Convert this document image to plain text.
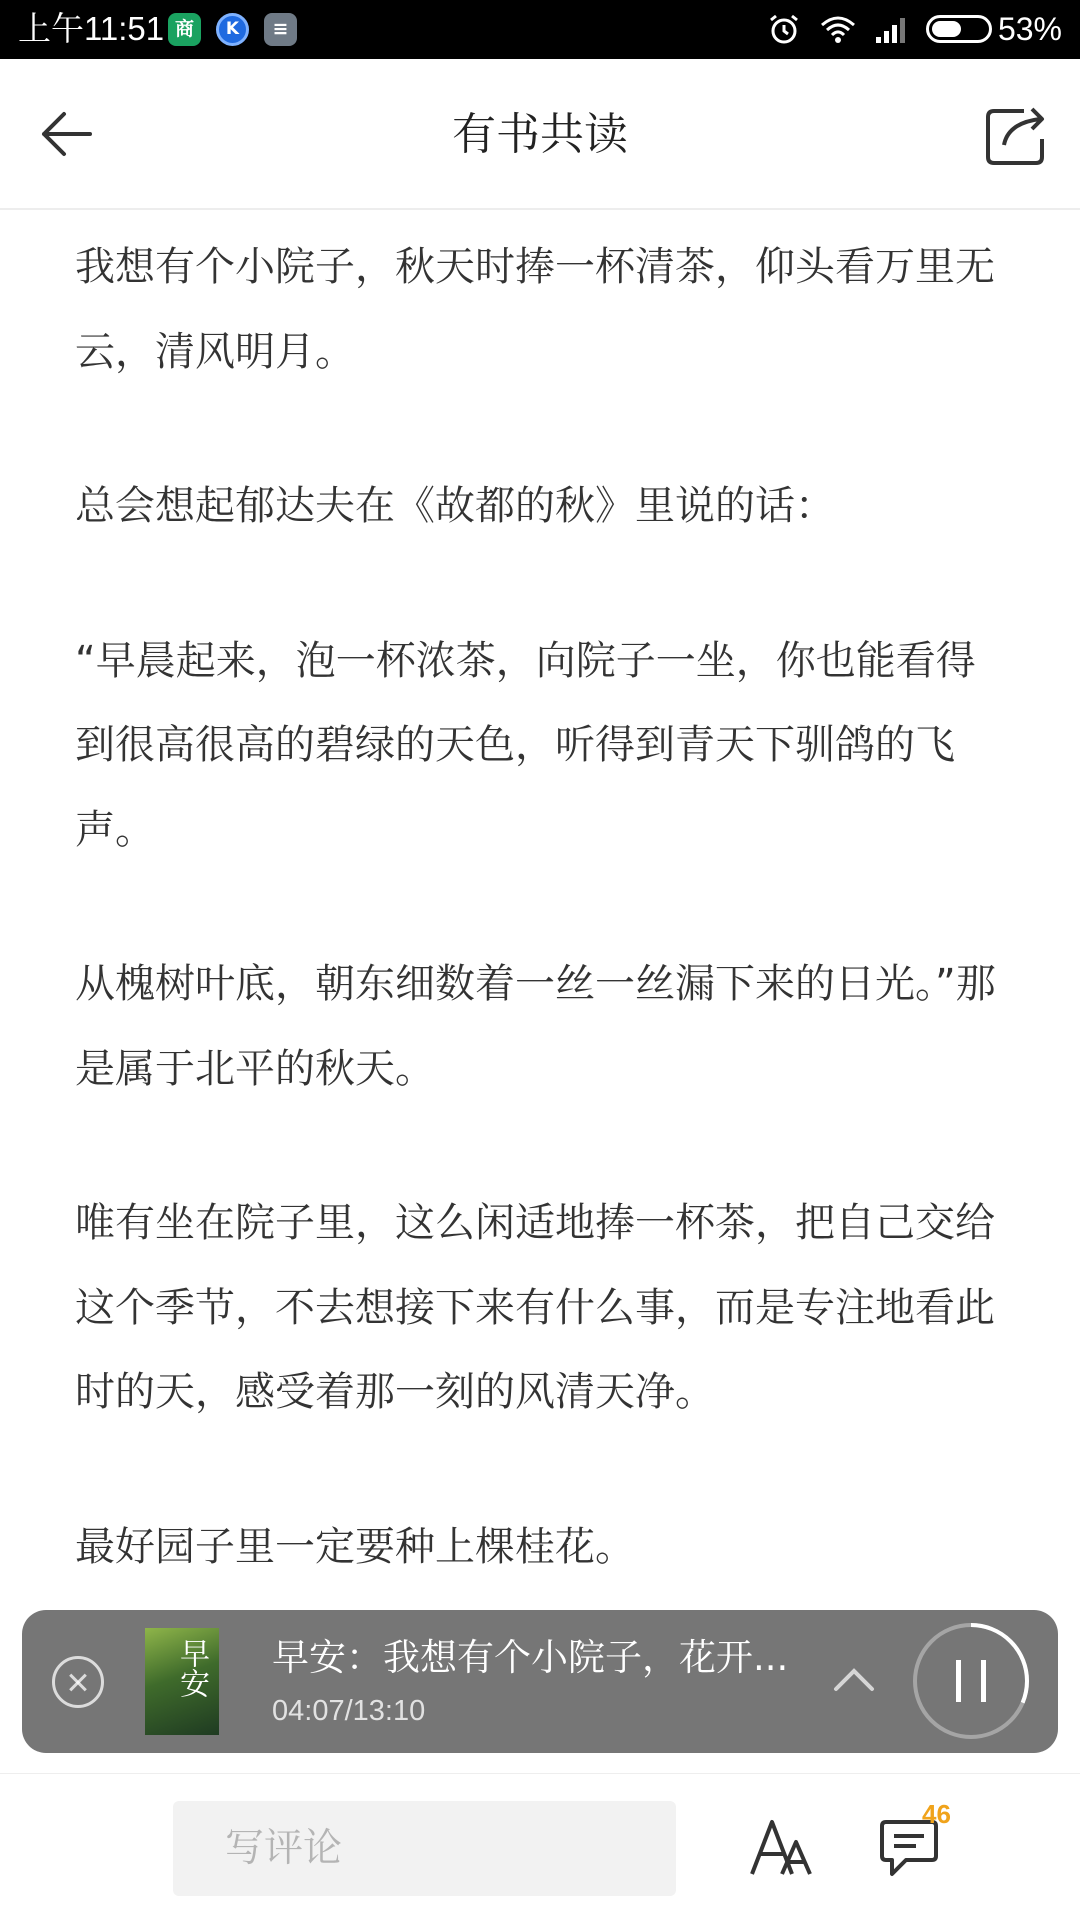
上午11:51 商	K	≡	53%
有书共读

我想有个小院子，秋天时捧一杯清茶，仰头看万里无云，清风明月。

总会想起郁达夫在《故都的秋》里说的话：

“早晨起来，泡一杯浓茶，向院子一坐，你也能看得到很高很高的碧绿的天色，听得到青天下驯鸽的飞声。

从槐树叶底，朝东细数着一丝一丝漏下来的日光。”那是属于北平的秋天。

唯有坐在院子里，这么闲适地捧一杯茶，把自己交给这个季节，不去想接下来有什么事，而是专注地看此时的天，感受着那一刻的风清天净。

最好园子里一定要种上棵桂花。

早安 早安：我想有个小院子，花开...
04:07/13:10
写评论
46
